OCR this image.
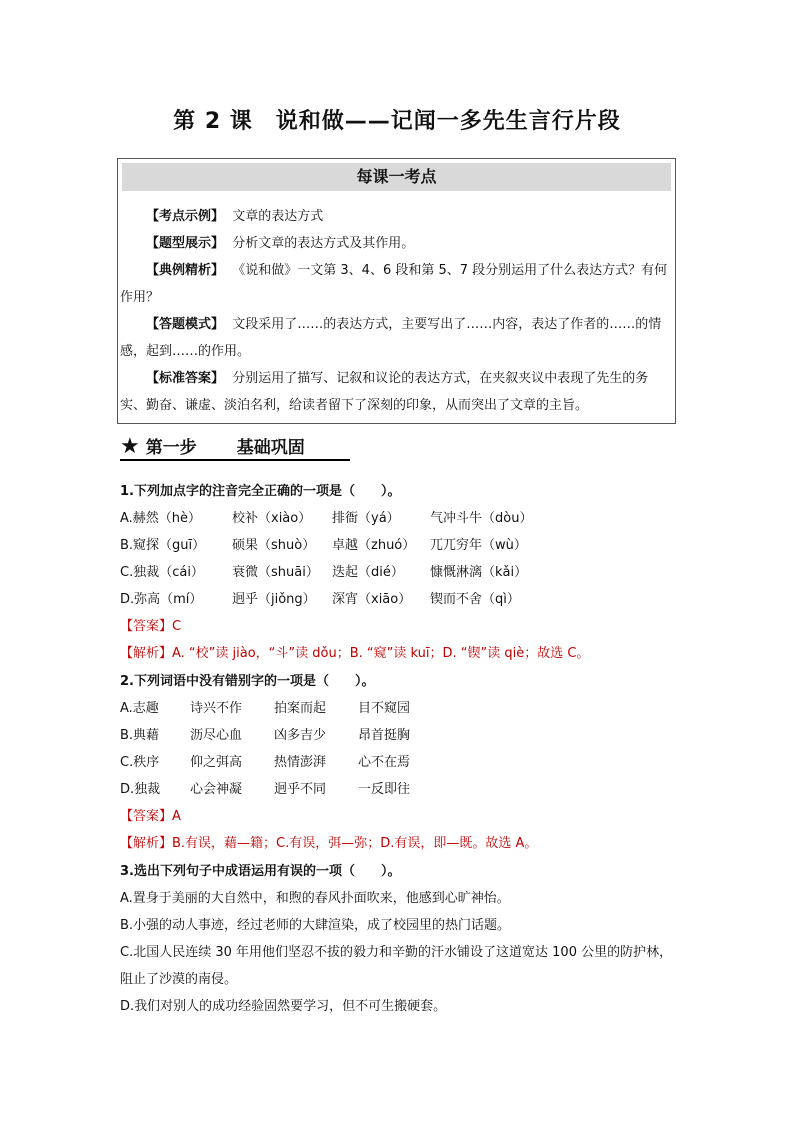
第 2 课　说和做——记闻一多先生言行片段
每课一考点

【考点示例】 文章的表达方式

【题型展示】 分析文章的表达方式及其作用。

【典例精析】 《说和做》一文第 3、4、6 段和第 5、7 段分别运用了什么表达方式？有何作用？

【答题模式】 文段采用了……的表达方式，主要写出了……内容，表达了作者的……的情感，起到……的作用。

【标准答案】 分别运用了描写、记叙和议论的表达方式，在夹叙夹议中表现了先生的务实、勤奋、谦虚、淡泊名利，给读者留下了深刻的印象，从而突出了文章的主旨。

★ 第一步 基础巩固
1.下列加点字的注音完全正确的一项是（　　）。
A.赫然（hè） 校补（xiào） 排衙（yá） 气冲斗牛（dòu）
B.窥探（guī） 硕果（shuò） 卓越（zhuó） 兀兀穷年（wù）
C.独裁（cái） 衰微（shuāi） 迭起（dié） 慷慨淋漓（kǎi）
D.弥高（mí） 迥乎（jiǒng） 深宵（xiāo） 锲而不舍（qì）
【答案】C
【解析】A. “校”读 jiào，“斗”读 dǒu；B. “窥”读 kuī；D. “锲”读 qiè；故选 C。
2.下列词语中没有错别字的一项是（　　）。
A.志趣 诗兴不作 拍案而起 目不窥园
B.典藉 沥尽心血 凶多吉少 昂首挺胸
C.秩序 仰之弭高 热情澎湃 心不在焉
D.独裁 心会神凝 迥乎不同 一反即往
【答案】A
【解析】B.有误，藉—籍；C.有误，弭—弥；D.有误，即—既。故选 A。
3.选出下列句子中成语运用有误的一项（　　）。
A.置身于美丽的大自然中，和煦的春风扑面吹来，他感到心旷神怡。
B.小强的动人事迹，经过老师的大肆渲染，成了校园里的热门话题。
C.北国人民连续 30 年用他们坚忍不拔的毅力和辛勤的汗水铺设了这道宽达 100 公里的防护林，阻止了沙漠的南侵。
D.我们对别人的成功经验固然要学习，但不可生搬硬套。
